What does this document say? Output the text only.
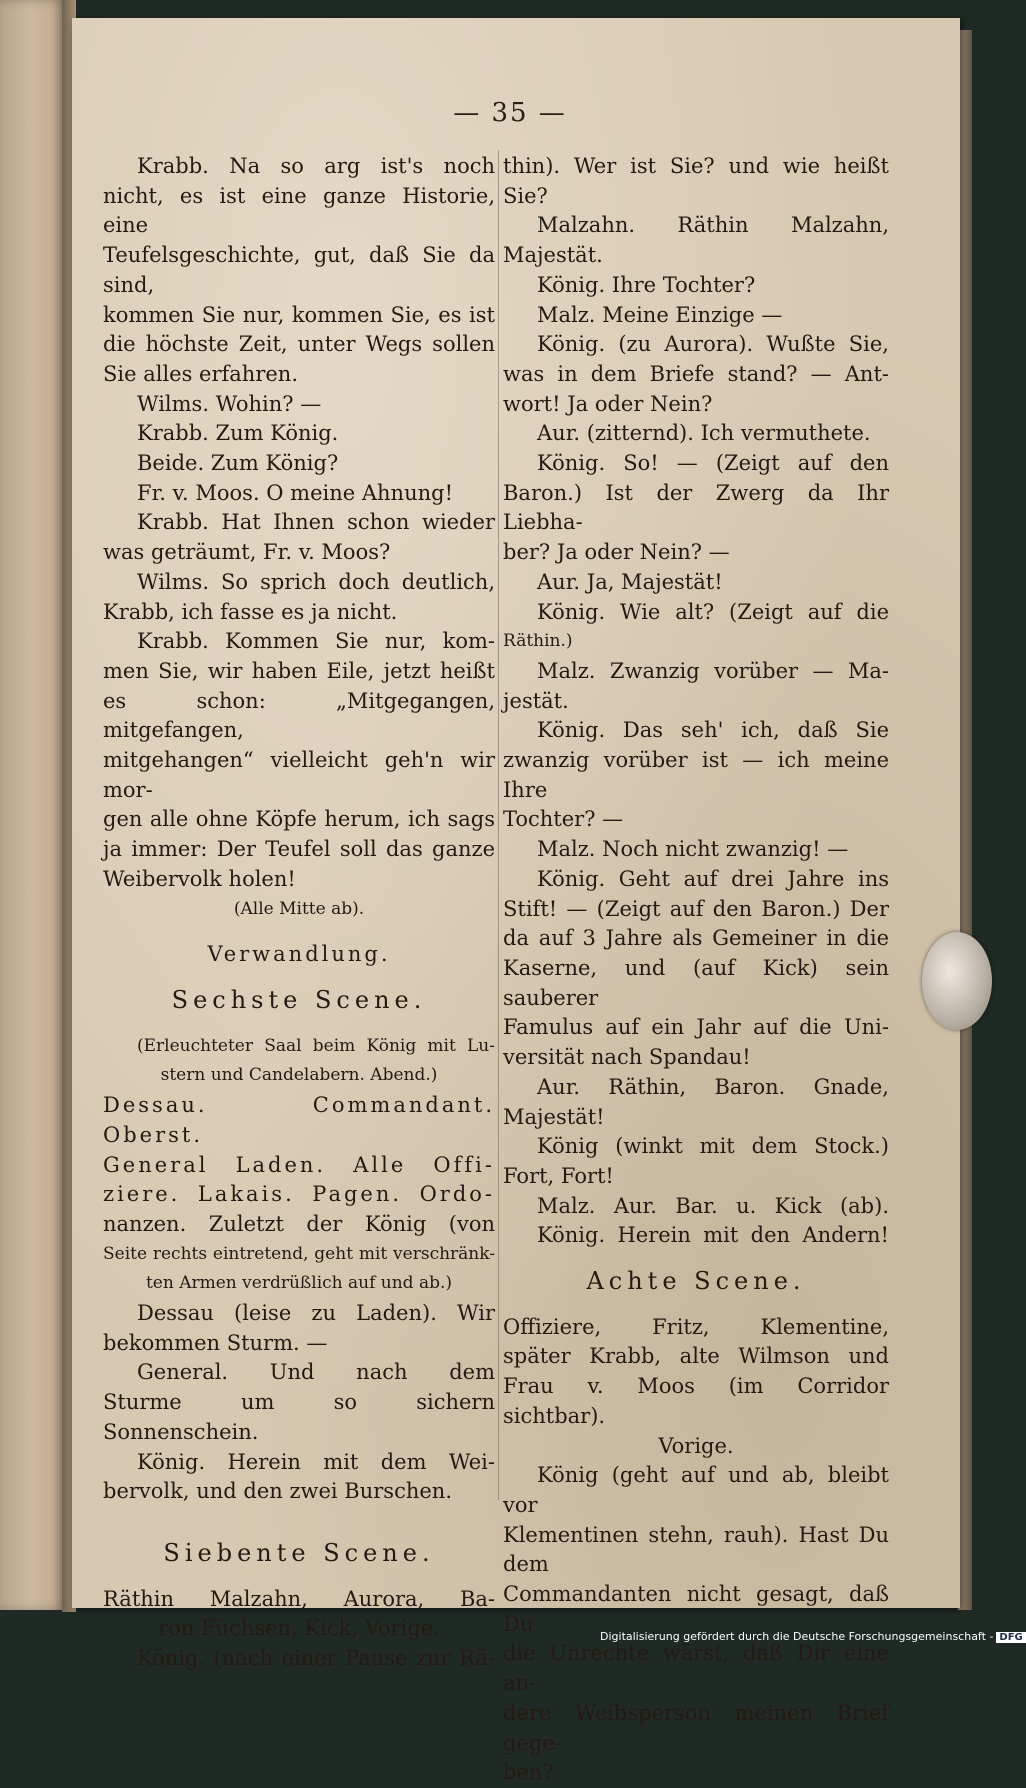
— 35 —

Krabb. Na so arg ist's noch

nicht, es ist eine ganze Historie, eine

Teufelsgeschichte, gut, daß Sie da sind,

kommen Sie nur, kommen Sie, es ist

die höchste Zeit, unter Wegs sollen

Sie alles erfahren.

Wilms. Wohin? —

Krabb. Zum König.

Beide. Zum König?

Fr. v. Moos. O meine Ahnung!

Krabb. Hat Ihnen schon wieder

was geträumt, Fr. v. Moos?

Wilms. So sprich doch deutlich,

Krabb, ich fasse es ja nicht.

Krabb. Kommen Sie nur, kom-

men Sie, wir haben Eile, jetzt heißt

es schon: „Mitgegangen, mitgefangen,

mitgehangen“ vielleicht geh'n wir mor-

gen alle ohne Köpfe herum, ich sags

ja immer: Der Teufel soll das ganze

Weibervolk holen!

(Alle Mitte ab).

Verwandlung.

Sechste Scene.

(Erleuchteter Saal beim König mit Lu-

stern und Candelabern. Abend.)

Dessau. Commandant. Oberst.

General Laden. Alle Offi-

ziere. Lakais. Pagen. Ordo-

nanzen. Zuletzt der König (von

Seite rechts eintretend, geht mit verschränk-

ten Armen verdrüßlich auf und ab.)

Dessau (leise zu Laden). Wir

bekommen Sturm. —

General. Und nach dem

Sturme um so sichern Sonnenschein.

König. Herein mit dem Wei-

bervolk, und den zwei Burschen.

Siebente Scene.

Räthin Malzahn, Aurora, Ba-

ron Füchsen, Kick, Vorige.

König. (nach einer Pause zur Rä-

thin). Wer ist Sie? und wie heißt

Sie?

Malzahn. Räthin Malzahn,

Majestät.

König. Ihre Tochter?

Malz. Meine Einzige —

König. (zu Aurora). Wußte Sie,

was in dem Briefe stand? — Ant-

wort! Ja oder Nein?

Aur. (zitternd). Ich vermuthete.

König. So! — (Zeigt auf den

Baron.) Ist der Zwerg da Ihr Liebha-

ber? Ja oder Nein? —

Aur. Ja, Majestät!

König. Wie alt? (Zeigt auf die

Räthin.)

Malz. Zwanzig vorüber — Ma-

jestät.

König. Das seh' ich, daß Sie

zwanzig vorüber ist — ich meine Ihre

Tochter? —

Malz. Noch nicht zwanzig! —

König. Geht auf drei Jahre ins

Stift! — (Zeigt auf den Baron.) Der

da auf 3 Jahre als Gemeiner in die

Kaserne, und (auf Kick) sein sauberer

Famulus auf ein Jahr auf die Uni-

versität nach Spandau!

Aur. Räthin, Baron. Gnade,

Majestät!

König (winkt mit dem Stock.)

Fort, Fort!

Malz. Aur. Bar. u. Kick (ab).

König. Herein mit den Andern!

Achte Scene.

Offiziere, Fritz, Klementine,

später Krabb, alte Wilmson und

Frau v. Moos (im Corridor sichtbar).

Vorige.

König (geht auf und ab, bleibt vor

Klementinen stehn, rauh). Hast Du dem

Commandanten nicht gesagt, daß Du

die Unrechte wärst, daß Dir eine an-

dere Weibsperson meinen Brief gege-

ben?

Digitalisierung gefördert durch die Deutsche Forschungsgemeinschaft - DFG
